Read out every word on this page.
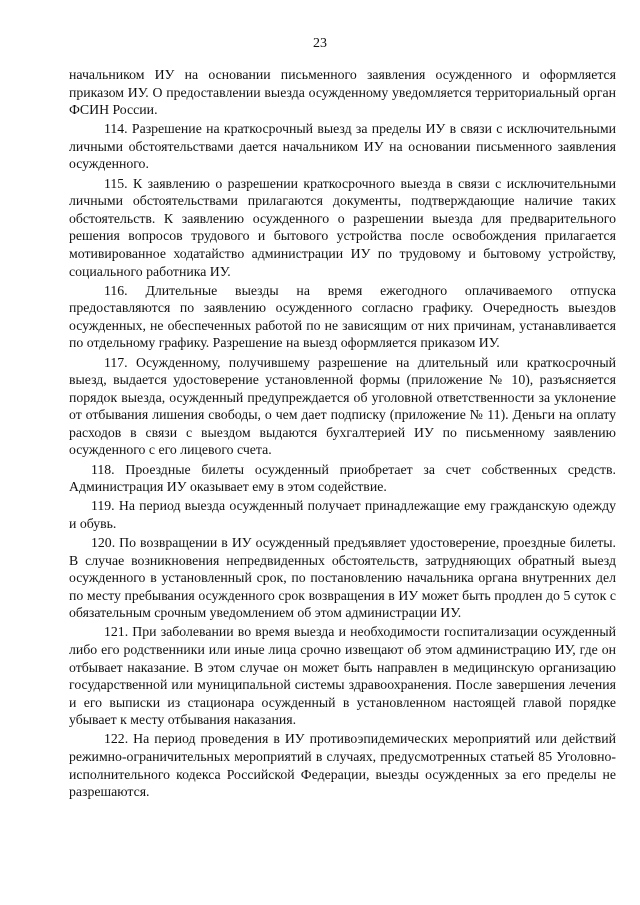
23

начальником ИУ на основании письменного заявления осужденного и оформляется приказом ИУ. О предоставлении выезда осужденному уведомляется территориальный орган ФСИН России.

114. Разрешение на краткосрочный выезд за пределы ИУ в связи с исключительными личными обстоятельствами дается начальником ИУ на основании письменного заявления осужденного.

115. К заявлению о разрешении краткосрочного выезда в связи с исключительными личными обстоятельствами прилагаются документы, подтверждающие наличие таких обстоятельств. К заявлению осужденного о разрешении выезда для предварительного решения вопросов трудового и бытового устройства после освобождения прилагается мотивированное ходатайство администрации ИУ по трудовому и бытовому устройству, социального работника ИУ.

116. Длительные выезды на время ежегодного оплачиваемого отпуска предоставляются по заявлению осужденного согласно графику. Очередность выездов осужденных, не обеспеченных работой по не зависящим от них причинам, устанавливается по отдельному графику. Разрешение на выезд оформляется приказом ИУ.

117. Осужденному, получившему разрешение на длительный или краткосрочный выезд, выдается удостоверение установленной формы (приложение № 10), разъясняется порядок выезда, осужденный предупреждается об уголовной ответственности за уклонение от отбывания лишения свободы, о чем дает подписку (приложение № 11). Деньги на оплату расходов в связи с выездом выдаются бухгалтерией ИУ по письменному заявлению осужденного с его лицевого счета.

118. Проездные билеты осужденный приобретает за счет собственных средств. Администрация ИУ оказывает ему в этом содействие.

119. На период выезда осужденный получает принадлежащие ему гражданскую одежду и обувь.

120. По возвращении в ИУ осужденный предъявляет удостоверение, проездные билеты. В случае возникновения непредвиденных обстоятельств, затрудняющих обратный выезд осужденного в установленный срок, по постановлению начальника органа внутренних дел по месту пребывания осужденного срок возвращения в ИУ может быть продлен до 5 суток с обязательным срочным уведомлением об этом администрации ИУ.

121. При заболевании во время выезда и необходимости госпитализации осужденный либо его родственники или иные лица срочно извещают об этом администрацию ИУ, где он отбывает наказание. В этом случае он может быть направлен в медицинскую организацию государственной или муниципальной системы здравоохранения. После завершения лечения и его выписки из стационара осужденный в установленном настоящей главой порядке убывает к месту отбывания наказания.

122. На период проведения в ИУ противоэпидемических мероприятий или действий режимно-ограничительных мероприятий в случаях, предусмотренных статьей 85 Уголовно-исполнительного кодекса Российской Федерации, выезды осужденных за его пределы не разрешаются.
